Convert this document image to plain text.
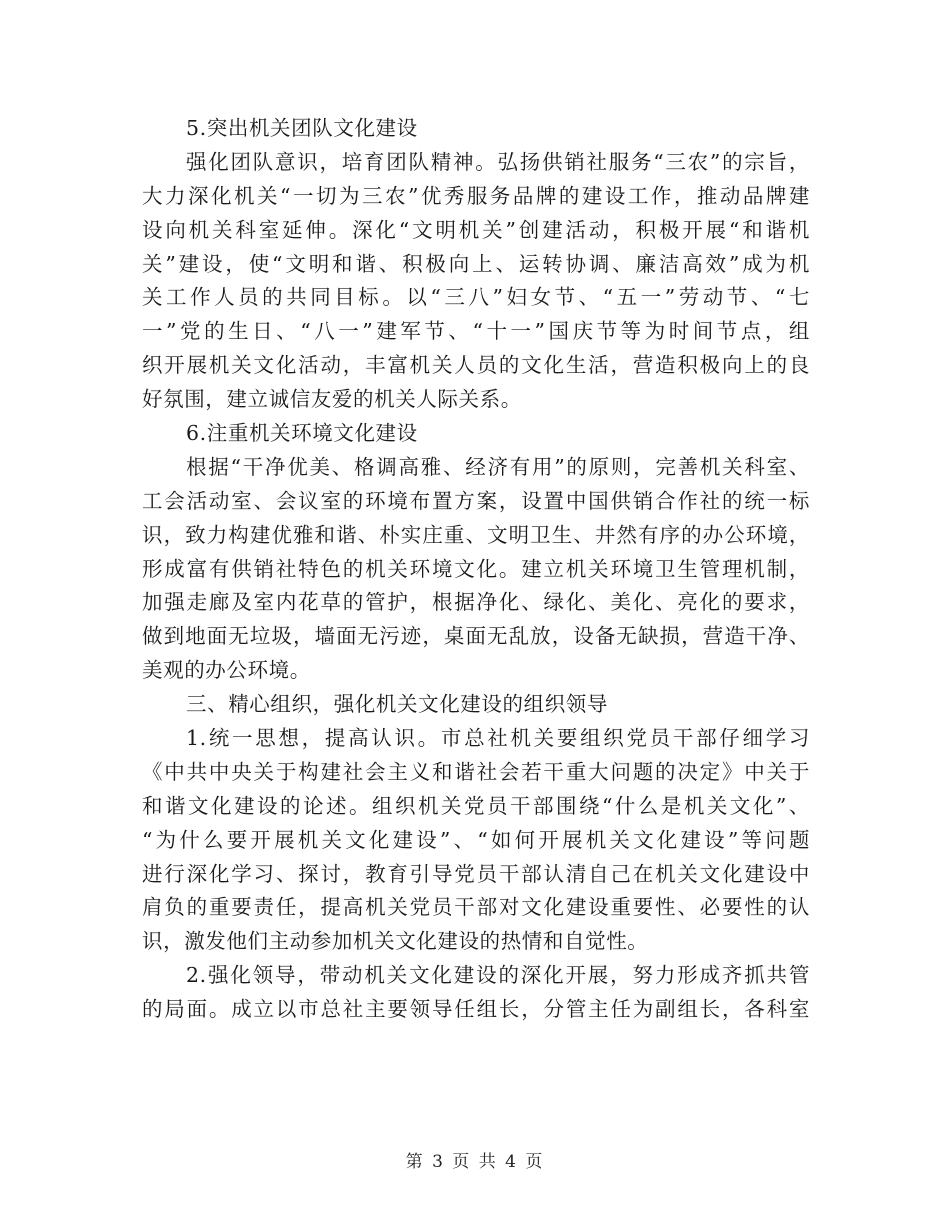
5.突出机关团队文化建设
强化团队意识，培育团队精神。弘扬供销社服务“三农”的宗旨，
大力深化机关“一切为三农”优秀服务品牌的建设工作，推动品牌建
设向机关科室延伸。深化“文明机关”创建活动，积极开展“和谐机
关”建设，使“文明和谐、积极向上、运转协调、廉洁高效”成为机
关工作人员的共同目标。以“三八”妇女节、“五一”劳动节、“七
一”党的生日、“八一”建军节、“十一”国庆节等为时间节点，组
织开展机关文化活动，丰富机关人员的文化生活，营造积极向上的良
好氛围，建立诚信友爱的机关人际关系。
6.注重机关环境文化建设
根据“干净优美、格调高雅、经济有用”的原则，完善机关科室、
工会活动室、会议室的环境布置方案，设置中国供销合作社的统一标
识，致力构建优雅和谐、朴实庄重、文明卫生、井然有序的办公环境，
形成富有供销社特色的机关环境文化。建立机关环境卫生管理机制，
加强走廊及室内花草的管护，根据净化、绿化、美化、亮化的要求，
做到地面无垃圾，墙面无污迹，桌面无乱放，设备无缺损，营造干净、
美观的办公环境。
三、精心组织，强化机关文化建设的组织领导
1.统一思想，提高认识。市总社机关要组织党员干部仔细学习
《中共中央关于构建社会主义和谐社会若干重大问题的决定》中关于
和谐文化建设的论述。组织机关党员干部围绕“什么是机关文化”、
“为什么要开展机关文化建设”、“如何开展机关文化建设”等问题
进行深化学习、探讨，教育引导党员干部认清自己在机关文化建设中
肩负的重要责任，提高机关党员干部对文化建设重要性、必要性的认
识，激发他们主动参加机关文化建设的热情和自觉性。
2.强化领导，带动机关文化建设的深化开展，努力形成齐抓共管
的局面。成立以市总社主要领导任组长，分管主任为副组长，各科室
第 3 页 共 4 页
